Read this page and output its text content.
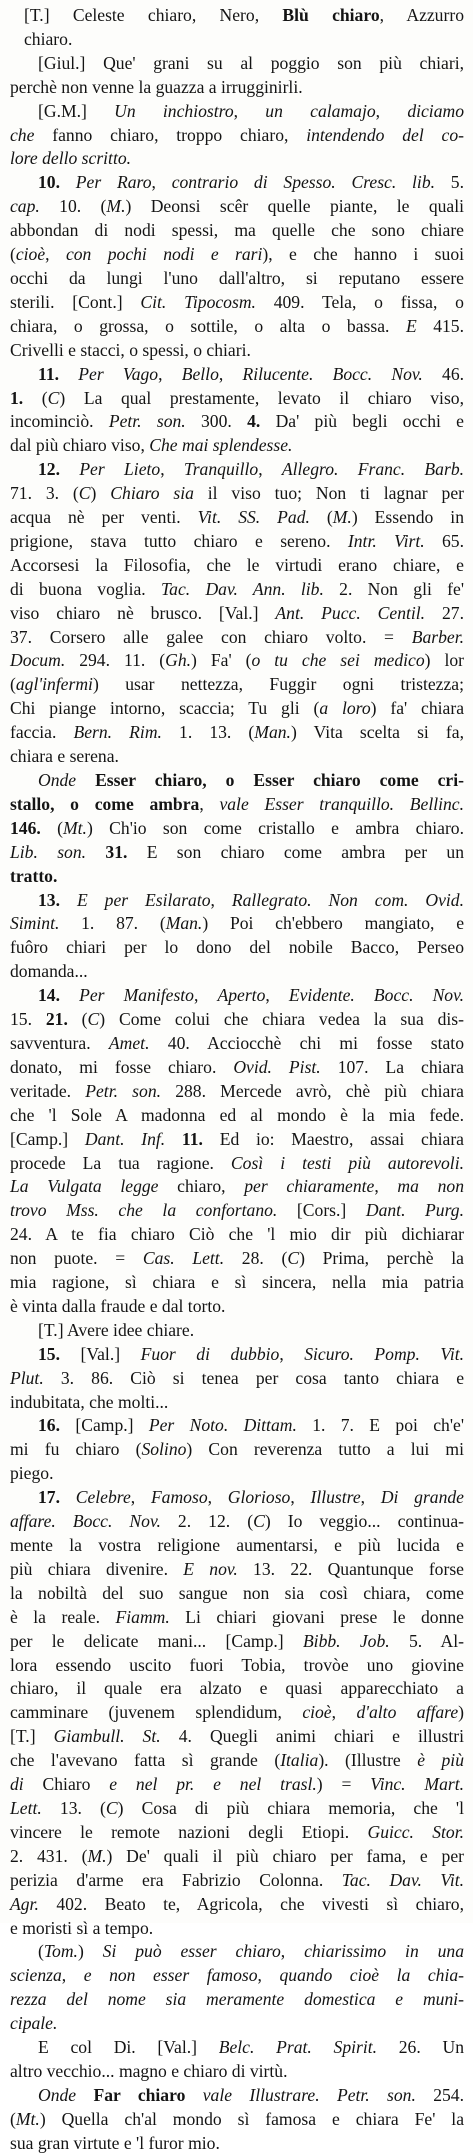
[T.] Celeste chiaro, Nero, Blù chiaro, Azzurro
chiaro.
[Giul.] Que' grani su al poggio son più chiari,
perchè non venne la guazza a irrugginirli.
[G.M.] Un inchiostro, un calamajo, diciamo
che fanno chiaro, troppo chiaro, intendendo del co-
lore dello scritto.
10. Per Raro, contrario di Spesso. Cresc. lib. 5.
cap. 10. (M.) Deonsi scêr quelle piante, le quali
abbondan di nodi spessi, ma quelle che sono chiare
(cioè, con pochi nodi e rari), e che hanno i suoi
occhi da lungi l'uno dall'altro, si reputano essere
sterili. [Cont.] Cit. Tipocosm. 409. Tela, o fissa, o
chiara, o grossa, o sottile, o alta o bassa. E 415.
Crivelli e stacci, o spessi, o chiari.
11. Per Vago, Bello, Rilucente. Bocc. Nov. 46.
1. (C) La qual prestamente, levato il chiaro viso,
incominciò. Petr. son. 300. 4. Da' più begli occhi e
dal più chiaro viso, Che mai splendesse.
12. Per Lieto, Tranquillo, Allegro. Franc. Barb.
71. 3. (C) Chiaro sia il viso tuo; Non ti lagnar per
acqua nè per venti. Vit. SS. Pad. (M.) Essendo in
prigione, stava tutto chiaro e sereno. Intr. Virt. 65.
Accorsesi la Filosofia, che le virtudi erano chiare, e
di buona voglia. Tac. Dav. Ann. lib. 2. Non gli fe'
viso chiaro nè brusco. [Val.] Ant. Pucc. Centil. 27.
37. Corsero alle galee con chiaro volto. = Barber.
Docum. 294. 11. (Gh.) Fa' (o tu che sei medico) lor
(agl'infermi) usar nettezza, Fuggir ogni tristezza;
Chi piange intorno, scaccia; Tu gli (a loro) fa' chiara
faccia. Bern. Rim. 1. 13. (Man.) Vita scelta si fa,
chiara e serena.
Onde Esser chiaro, o Esser chiaro come cri-
stallo, o come ambra, vale Esser tranquillo. Bellinc.
146. (Mt.) Ch'io son come cristallo e ambra chiaro.
Lib. son. 31. E son chiaro come ambra per un
tratto.
13. E per Esilarato, Rallegrato. Non com. Ovid.
Simint. 1. 87. (Man.) Poi ch'ebbero mangiato, e
fuôro chiari per lo dono del nobile Bacco, Perseo
domanda...
14. Per Manifesto, Aperto, Evidente. Bocc. Nov.
15. 21. (C) Come colui che chiara vedea la sua dis-
savventura. Amet. 40. Acciocchè chi mi fosse stato
donato, mi fosse chiaro. Ovid. Pist. 107. La chiara
veritade. Petr. son. 288. Mercede avrò, chè più chiara
che 'l Sole A madonna ed al mondo è la mia fede.
[Camp.] Dant. Inf. 11. Ed io: Maestro, assai chiara
procede La tua ragione. Così i testi più autorevoli.
La Vulgata legge chiaro, per chiaramente, ma non
trovo Mss. che la confortano. [Cors.] Dant. Purg.
24. A te fia chiaro Ciò che 'l mio dir più dichiarar
non puote. = Cas. Lett. 28. (C) Prima, perchè la
mia ragione, sì chiara e sì sincera, nella mia patria
è vinta dalla fraude e dal torto.
[T.] Avere idee chiare.
15. [Val.] Fuor di dubbio, Sicuro. Pomp. Vit.
Plut. 3. 86. Ciò si tenea per cosa tanto chiara e
indubitata, che molti...
16. [Camp.] Per Noto. Dittam. 1. 7. E poi ch'e'
mi fu chiaro (Solino) Con reverenza tutto a lui mi
piego.
17. Celebre, Famoso, Glorioso, Illustre, Di grande
affare. Bocc. Nov. 2. 12. (C) Io veggio... continua-
mente la vostra religione aumentarsi, e più lucida e
più chiara divenire. E nov. 13. 22. Quantunque forse
la nobiltà del suo sangue non sia così chiara, come
è la reale. Fiamm. Li chiari giovani prese le donne
per le delicate mani... [Camp.] Bibb. Job. 5. Al-
lora essendo uscito fuori Tobia, trovòe uno giovine
chiaro, il quale era alzato e quasi apparecchiato a
camminare (juvenem splendidum, cioè, d'alto affare)
[T.] Giambull. St. 4. Quegli animi chiari e illustri
che l'avevano fatta sì grande (Italia). (Illustre è più
di Chiaro e nel pr. e nel trasl.) = Vinc. Mart.
Lett. 13. (C) Cosa di più chiara memoria, che 'l
vincere le remote nazioni degli Etiopi. Guicc. Stor.
2. 431. (M.) De' quali il più chiaro per fama, e per
perizia d'arme era Fabrizio Colonna. Tac. Dav. Vit.
Agr. 402. Beato te, Agricola, che vivesti sì chiaro,
e moristi sì a tempo.
(Tom.) Si può esser chiaro, chiarissimo in una
scienza, e non esser famoso, quando cioè la chia-
rezza del nome sia meramente domestica e muni-
cipale.
E col Di. [Val.] Belc. Prat. Spirit. 26. Un
altro vecchio... magno e chiaro di virtù.
Onde Far chiaro vale Illustrare. Petr. son. 254.
(Mt.) Quella ch'al mondo sì famosa e chiara Fe' la
sua gran virtute e 'l furor mio.
